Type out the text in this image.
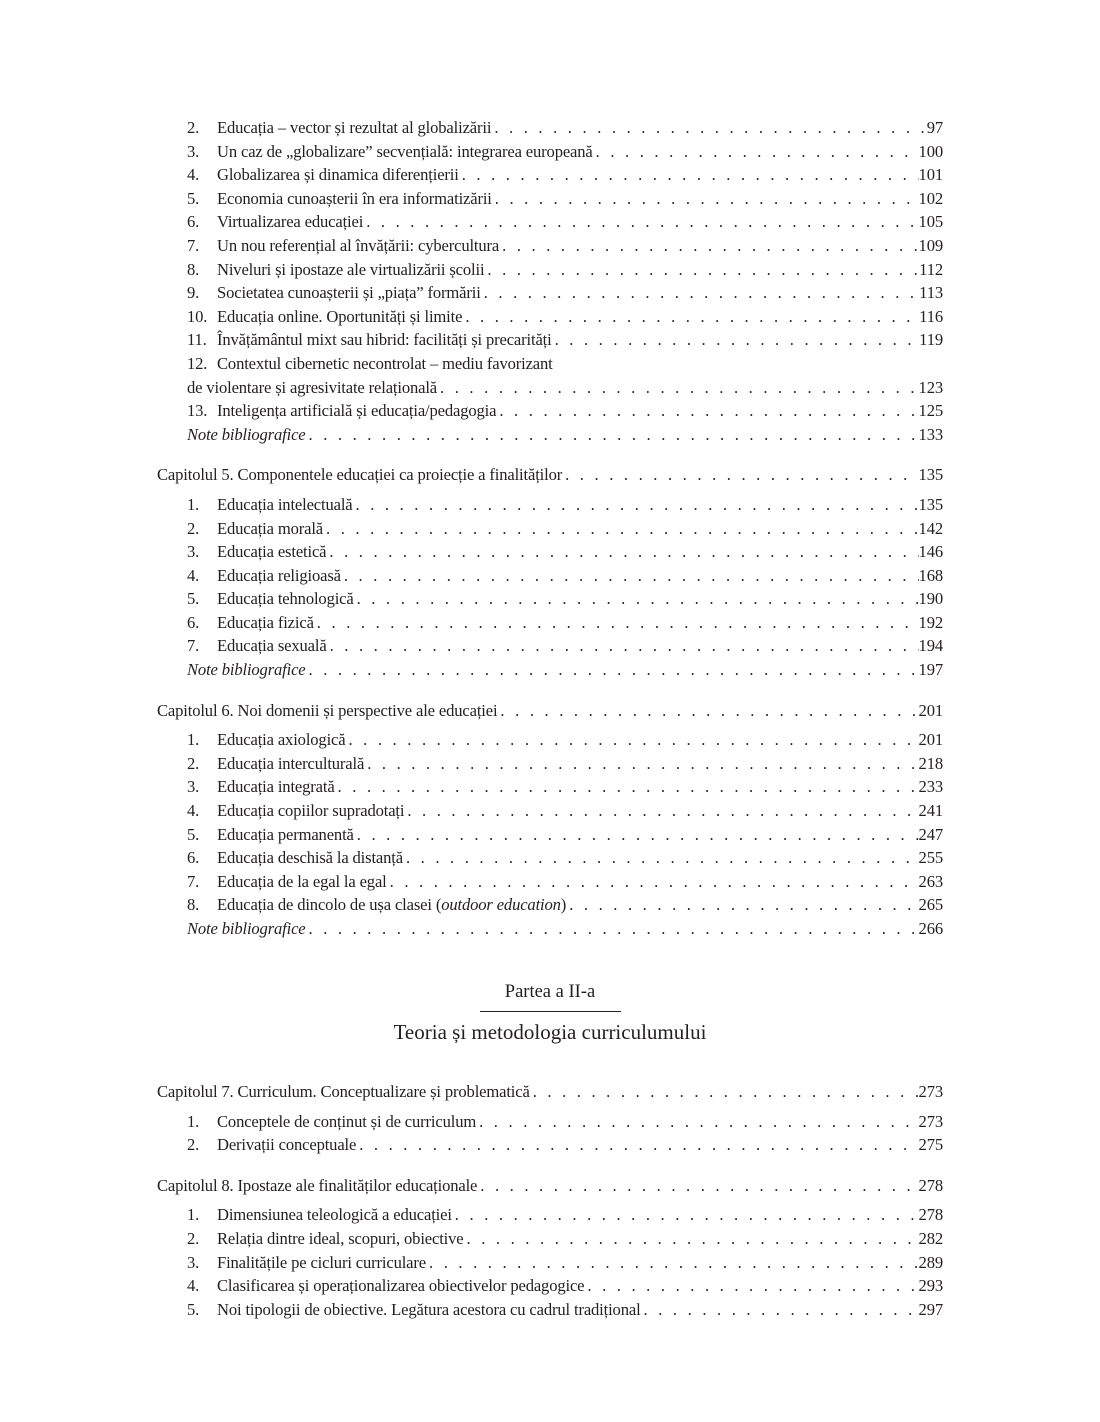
2.	Educația – vector și rezultat al globalizării . . .	97
3.	Un caz de „globalizare” secvențială: integrarea europeană . . .	100
4.	Globalizarea și dinamica diferențierii . . .	101
5.	Economia cunoașterii în era informatizării . . .	102
6.	Virtualizarea educației . . .	105
7.	Un nou referențial al învățării: cybercultura . . .	109
8.	Niveluri și ipostaze ale virtualizării școlii . . .	112
9.	Societatea cunoașterii și „piața” formării . . .	113
10. Educația online. Oportunități și limite . . .	116
11. Învățământul mixt sau hibrid: facilități și precarități . . .	119
12. Contextul cibernetic necontrolat – mediu favorizant
de violentare și agresivitate relațională . . .	123
13. Inteligența artificială și educația/pedagogia . . .	125
Note bibliografice . . .	133
Capitolul 5. Componentele educației ca proiecție a finalităților . . .	135
1.	Educația intelectuală . . .	135
2.	Educația morală . . .	142
3.	Educația estetică . . .	146
4.	Educația religioasă . . .	168
5.	Educația tehnologică . . .	190
6.	Educația fizică . . .	192
7.	Educația sexuală . . .	194
Note bibliografice . . .	197
Capitolul 6. Noi domenii și perspective ale educației . . .	201
1.	Educația axiologică . . .	201
2.	Educația interculturală . . .	218
3.	Educația integrată . . .	233
4.	Educația copiilor supradotați . . .	241
5.	Educația permanentă . . .	247
6.	Educația deschisă la distanță . . .	255
7.	Educația de la egal la egal . . .	263
8.	Educația de dincolo de ușa clasei (outdoor education) . . .	265
Note bibliografice . . .	266
Partea a II-a
Teoria și metodologia curriculumului
Capitolul 7. Curriculum. Conceptualizare și problematică . . .	273
1.	Conceptele de conținut și de curriculum . . .	273
2.	Derivații conceptuale . . .	275
Capitolul 8. Ipostaze ale finalităților educaționale . . .	278
1.	Dimensiunea teleologică a educației . . .	278
2.	Relația dintre ideal, scopuri, obiective . . .	282
3.	Finalitățile pe cicluri curriculare . . .	289
4.	Clasificarea și operaționalizarea obiectivelor pedagogice . . .	293
5.	Noi tipologii de obiective. Legătura acestora cu cadrul tradițional . . .	297
